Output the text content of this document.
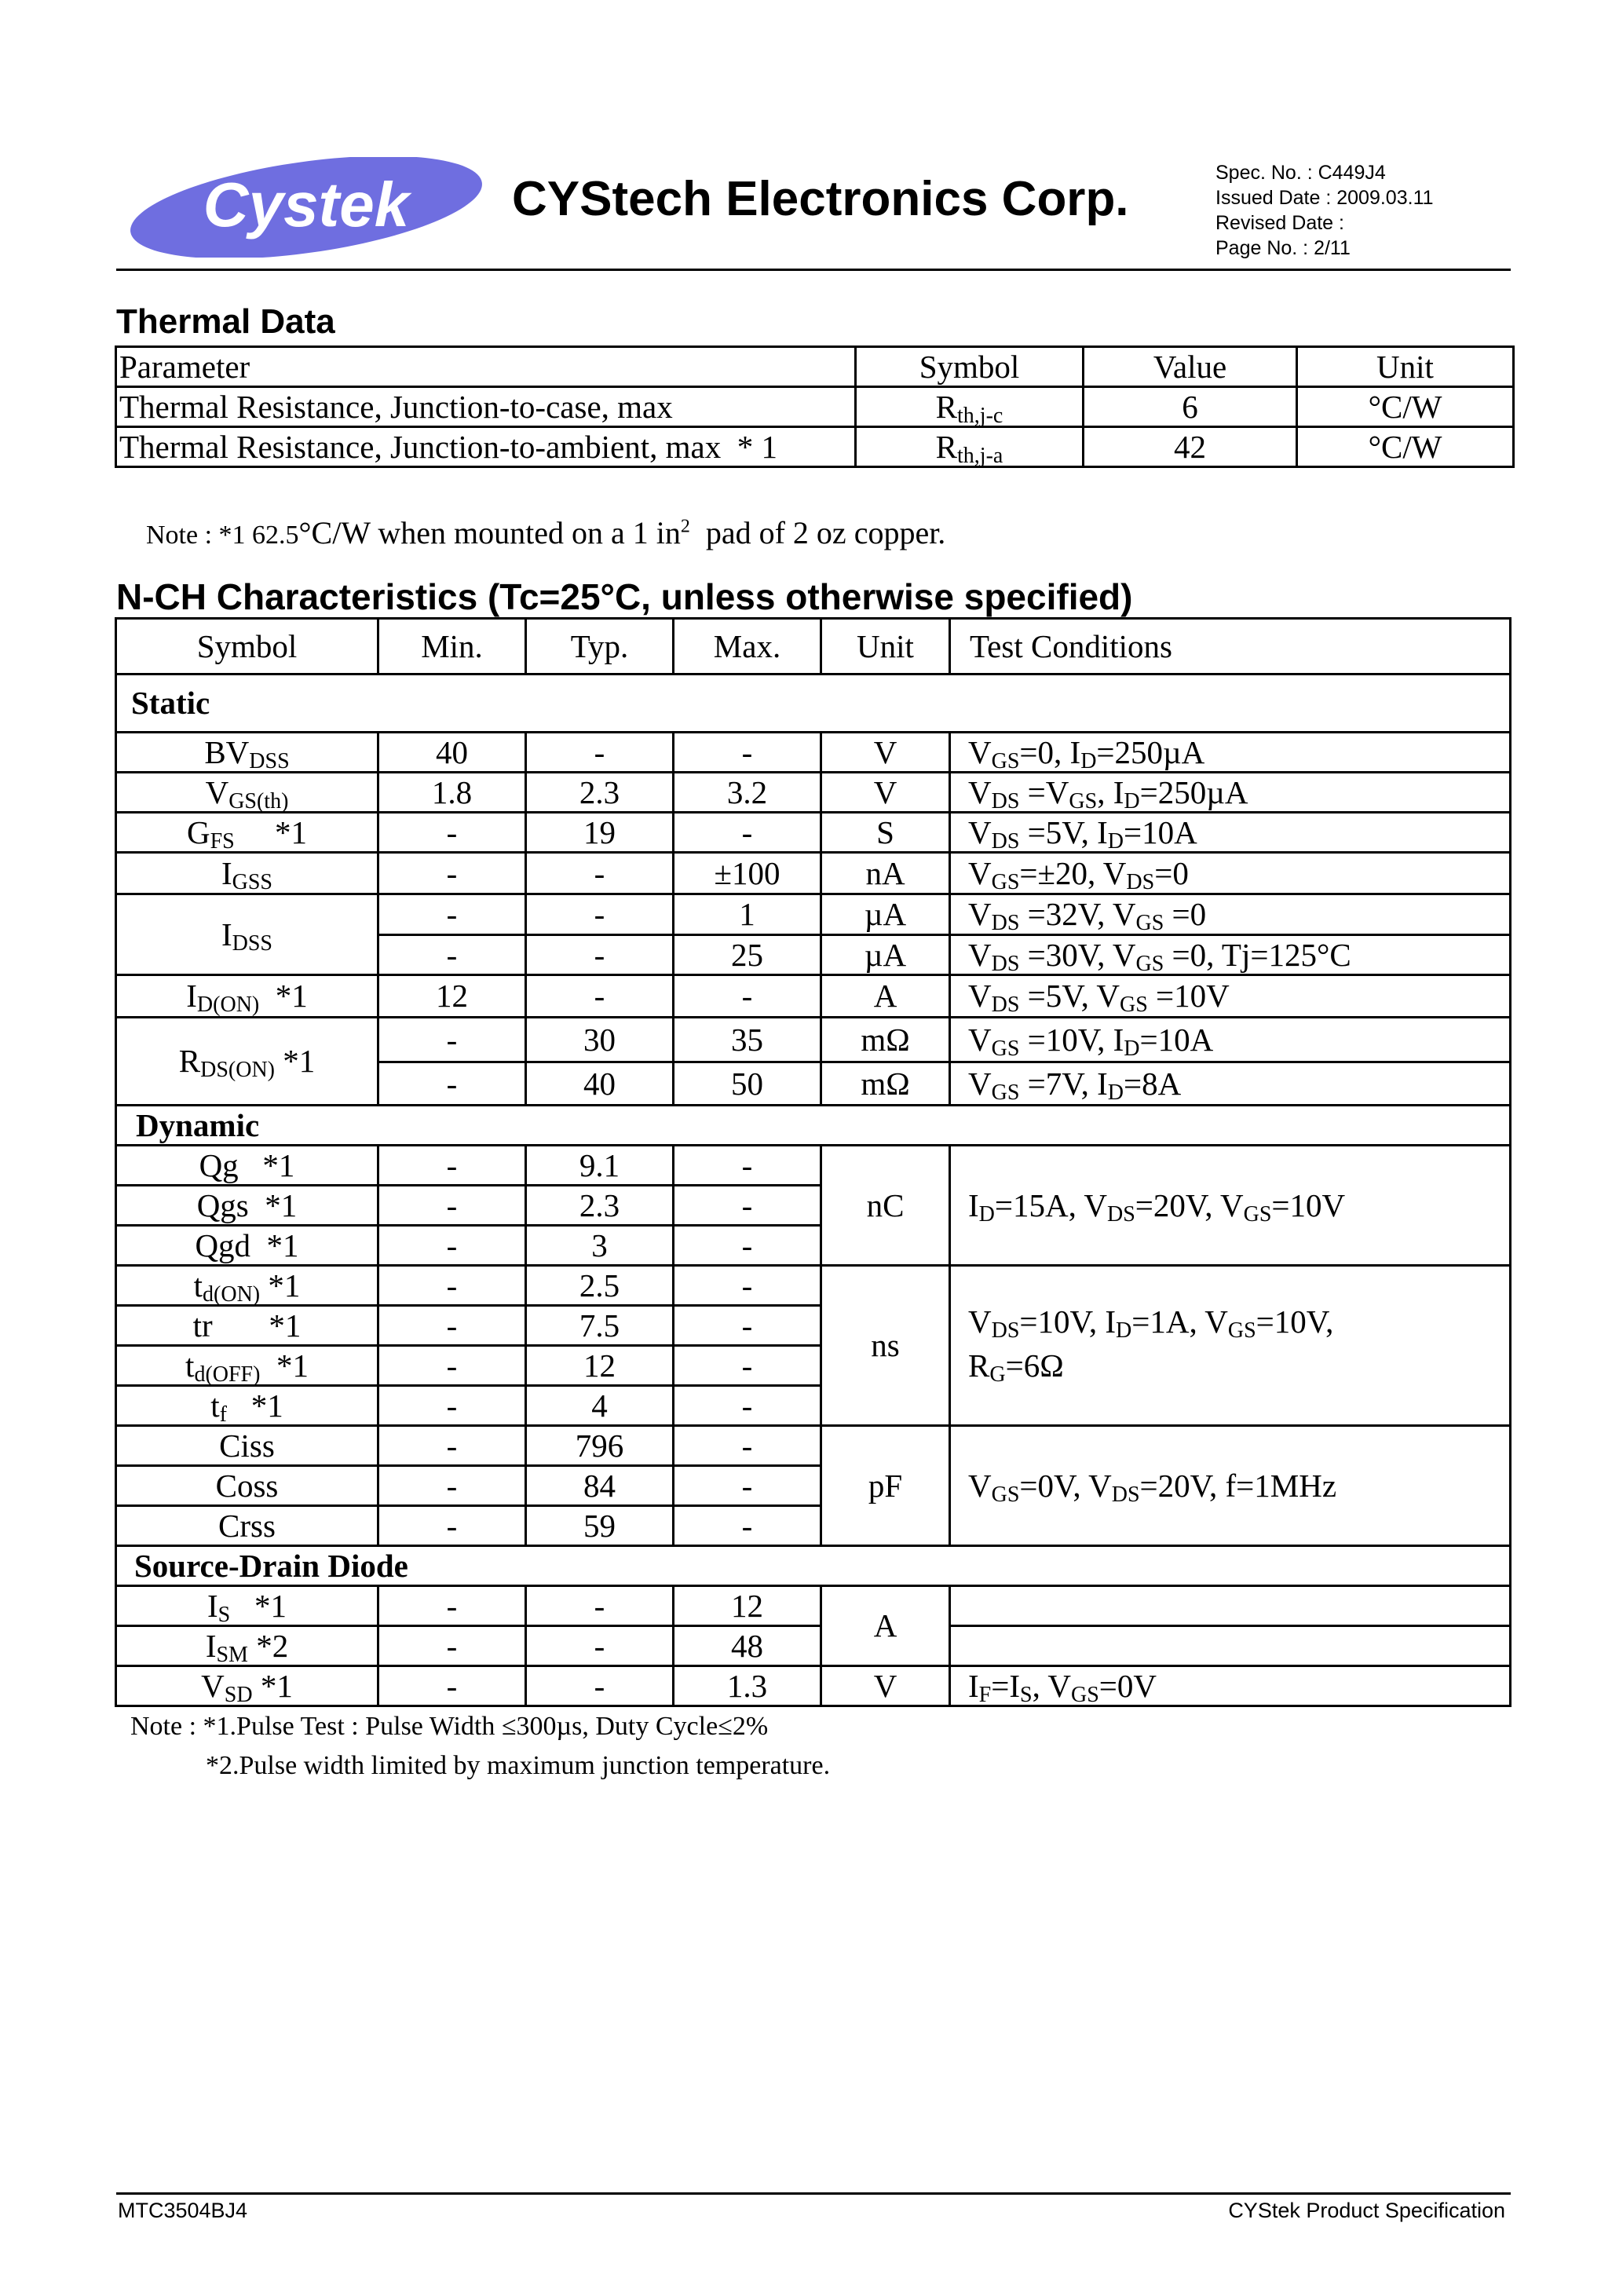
Cystek CYStech Electronics Corp.	Spec. No. : C449J4
Issued Date : 2009.03.11
Revised Date :
Page No. : 2/11
Thermal Data
Parameter	Symbol	Value	Unit
Thermal Resistance, Junction-to-case, max	$R_{th,j-c}$	6	°C/W
Thermal Resistance, Junction-to-ambient, max  * 1	$R_{th,j-a}$	42	°C/W

Note : *1 62.5°C/W when mounted on a 1 $in^2$  pad of 2 oz copper.

N-CH Characteristics (Tc=25°C, unless otherwise specified)
Symbol	Min.	Typ.	Max.	Unit	Test Conditions
Static					
$BV_{DSS}$	40	-	-	V	$V_{GS}=0$, $I_D=250\mu A$
$V_{GS(th)}$	1.8	2.3	3.2	V	$V_{DS} =V_{GS}$, $I_D=250\mu A$
$G_{FS}$     *1	-	19	-	S	$V_{DS} =5V$, $I_D=10A$
$I_{GSS}$	-	-	±100	nA	$V_{GS}=\pm 20$, $V_{DS}=0$
$I_{DSS}$	-	-	1	µA	$V_{DS} =32V$, $V_{GS} =0$
	-	-	25	µA	$V_{DS} =30V$, $V_{GS} =0$, Tj=125°C
$I_{D(ON)}$  *1	12	-	-	A	$V_{DS} =5V$, $V_{GS} =10V$
$R_{DS(ON)}$ *1	-	30	35	mΩ	$V_{GS} =10V$, $I_D=10A$
	-	40	50	mΩ	$V_{GS} =7V$, $I_D=8A$
Dynamic					
Qg   *1	-	9.1	-	nC	$I_D=15A$, $V_{DS}=20V$, $V_{GS}=10V$
Qgs  *1	-	2.3	-		
Qgd  *1	-	3	-		
$t_{d(ON)}$ *1	-	2.5	-	ns	$V_{DS}=10V$, $I_D=1A$, $V_{GS}=10V$,
$R_G=6\Omega$

tr       *1	-	7.5	-		
$t_{d(OFF)}$  *1	-	12	-		
$t_f$   *1	-	4	-		
Ciss	-	796	-	pF	$V_{GS}=0V$, $V_{DS}=20V$, f=1MHz
Coss	-	84	-		
Crss	-	59	-		
Source-Drain Diode					
$I_S$   *1	-	-	12	A	
$I_{SM}$ *2	-	-	48		
$V_{SD}$ *1	-	-	1.3	V	$I_F=I_S$, $V_{GS}=0V$
Note : *1.Pulse Test : Pulse Width ≤300µs, Duty Cycle≤2%
*2.Pulse width limited by maximum junction temperature.
MTC3504BJ4	CYStek Product Specification
